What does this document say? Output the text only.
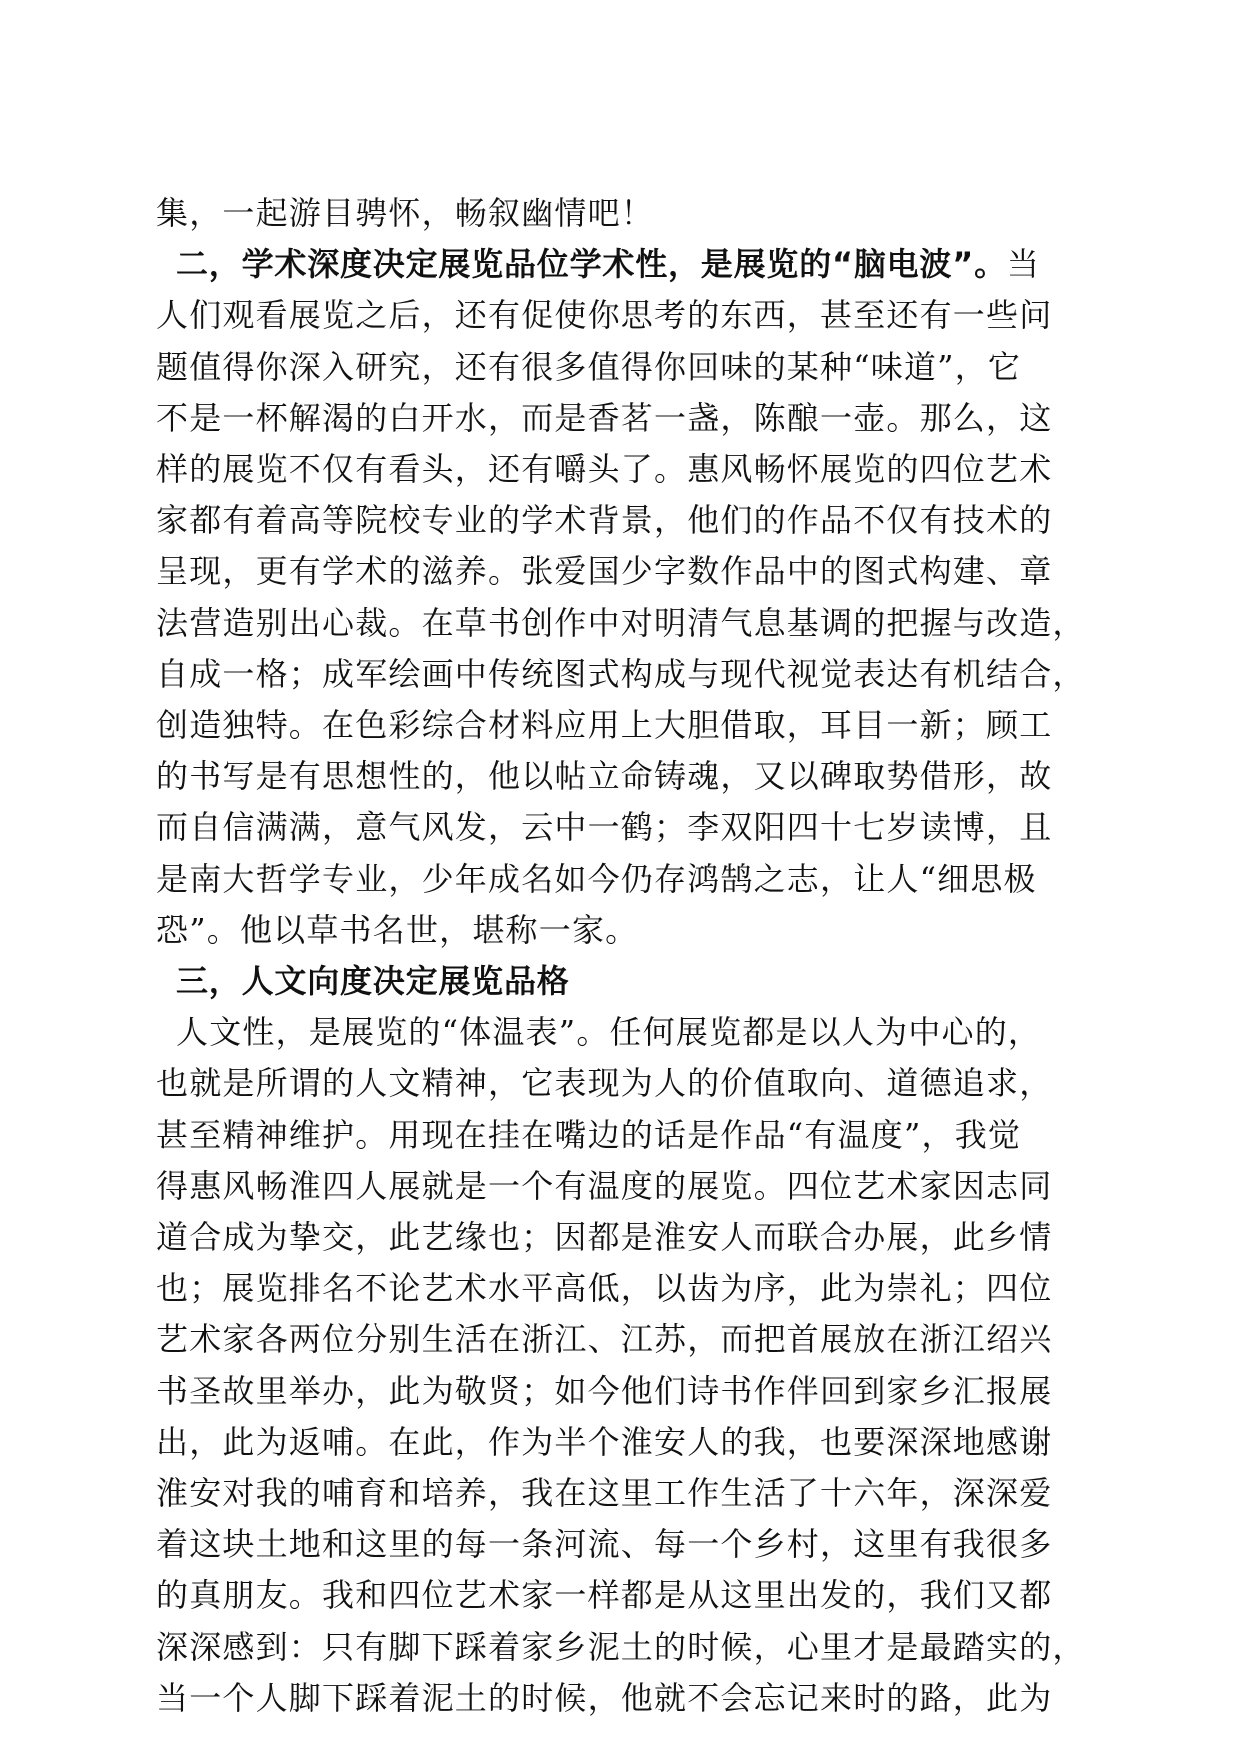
集，一起游目骋怀，畅叙幽情吧！
二，学术深度决定展览品位学术性，是展览的“脑电波”。当
人们观看展览之后，还有促使你思考的东西，甚至还有一些问
题值得你深入研究，还有很多值得你回味的某种“味道”，它
不是一杯解渴的白开水，而是香茗一盏，陈酿一壶。那么，这
样的展览不仅有看头，还有嚼头了。惠风畅怀展览的四位艺术
家都有着高等院校专业的学术背景，他们的作品不仅有技术的
呈现，更有学术的滋养。张爱国少字数作品中的图式构建、章
法营造别出心裁。在草书创作中对明清气息基调的把握与改造，
自成一格；成军绘画中传统图式构成与现代视觉表达有机结合，
创造独特。在色彩综合材料应用上大胆借取，耳目一新；顾工
的书写是有思想性的，他以帖立命铸魂，又以碑取势借形，故
而自信满满，意气风发，云中一鹤；李双阳四十七岁读博，且
是南大哲学专业，少年成名如今仍存鸿鹄之志，让人“细思极
恐”。他以草书名世，堪称一家。
三，人文向度决定展览品格
人文性，是展览的“体温表”。任何展览都是以人为中心的，
也就是所谓的人文精神，它表现为人的价值取向、道德追求，
甚至精神维护。用现在挂在嘴边的话是作品“有温度”，我觉
得惠风畅淮四人展就是一个有温度的展览。四位艺术家因志同
道合成为挚交，此艺缘也；因都是淮安人而联合办展，此乡情
也；展览排名不论艺术水平高低，以齿为序，此为崇礼；四位
艺术家各两位分别生活在浙江、江苏，而把首展放在浙江绍兴
书圣故里举办，此为敬贤；如今他们诗书作伴回到家乡汇报展
出，此为返哺。在此，作为半个淮安人的我，也要深深地感谢
淮安对我的哺育和培养，我在这里工作生活了十六年，深深爱
着这块土地和这里的每一条河流、每一个乡村，这里有我很多
的真朋友。我和四位艺术家一样都是从这里出发的，我们又都
深深感到：只有脚下踩着家乡泥土的时候，心里才是最踏实的，
当一个人脚下踩着泥土的时候，他就不会忘记来时的路，此为
